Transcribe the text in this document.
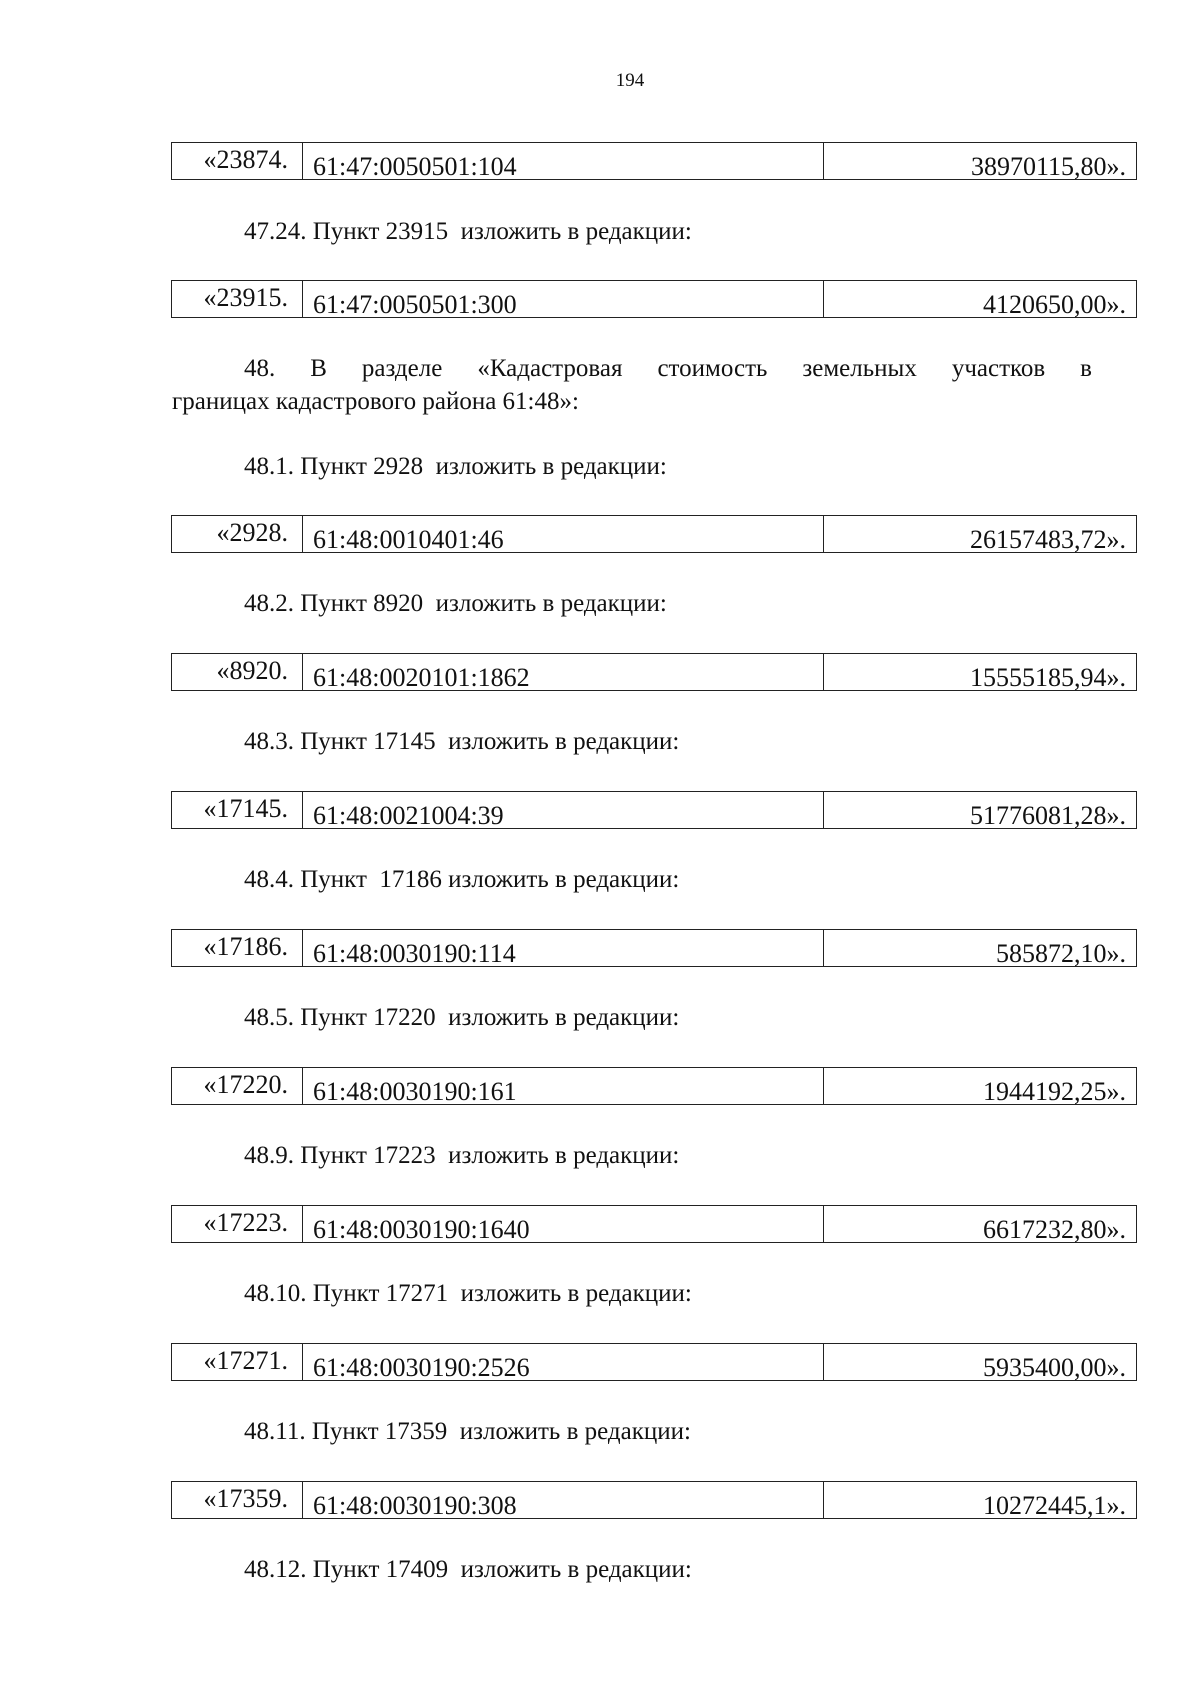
194
«23874. 61:47:0050501:104	38970115,80».
47.24. Пункт 23915  изложить в редакции:
«23915. 61:47:0050501:300	4120650,00».
48. В разделе «Кадастровая стоимость земельных участков в
границах кадастрового района 61:48»:
48.1. Пункт 2928  изложить в редакции:
«2928. 61:48:0010401:46	26157483,72».
48.2. Пункт 8920  изложить в редакции:
«8920. 61:48:0020101:1862	15555185,94».
48.3. Пункт 17145  изложить в редакции:
«17145. 61:48:0021004:39	51776081,28».
48.4. Пункт  17186 изложить в редакции:
«17186. 61:48:0030190:114	585872,10».
48.5. Пункт 17220  изложить в редакции:
«17220. 61:48:0030190:161	1944192,25».
48.9. Пункт 17223  изложить в редакции:
«17223. 61:48:0030190:1640	6617232,80».
48.10. Пункт 17271  изложить в редакции:
«17271. 61:48:0030190:2526	5935400,00».
48.11. Пункт 17359  изложить в редакции:
«17359. 61:48:0030190:308	10272445,1».
48.12. Пункт 17409  изложить в редакции:
